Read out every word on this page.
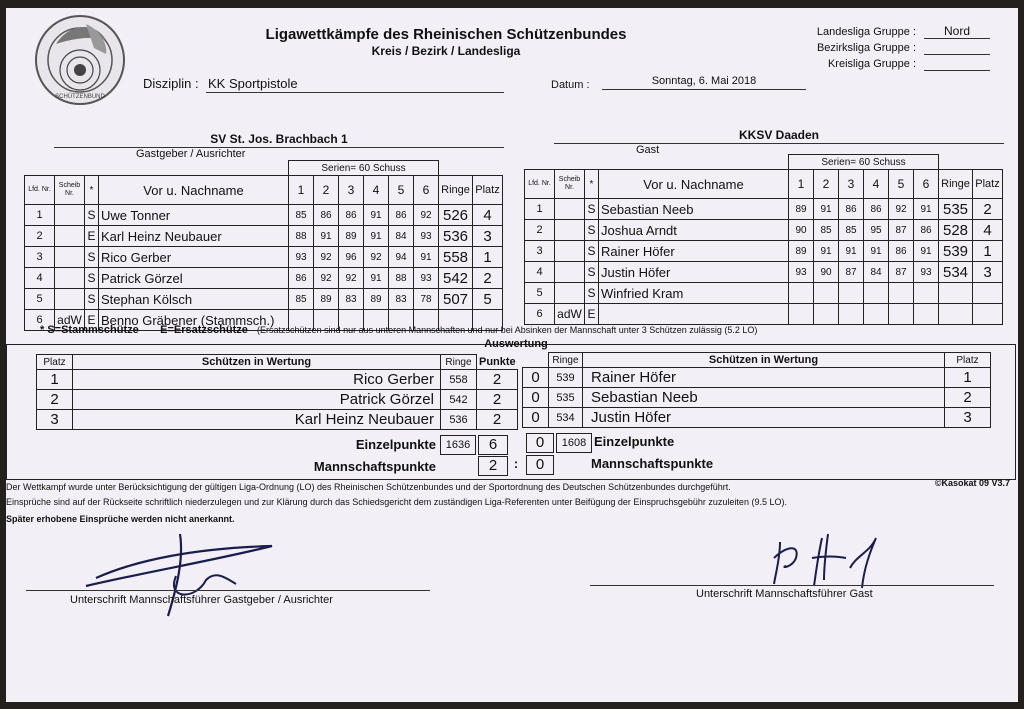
SCHÜTZENBUND
Ligawettkämpfe des Rheinischen Schützenbundes
Kreis / Bezirk / Landesliga
Disziplin : KK Sportpistole	Datum :	Sonntag, 6. Mai 2018
Landesliga Gruppe :	Nord
Bezirksliga Gruppe :
Kreisliga Gruppe :
SV St. Jos. Brachbach 1
Gastgeber / Ausrichter
KKSV Daaden
Gast
				Serien= 60 Schuss							
Lfd. Nr.	Scheib Nr.	*	Vor u. Nachname	1	2	3	4	5	6	Ringe	Platz
1		S	Uwe Tonner	85	86	86	91	86	92	526	4
2		E	Karl Heinz Neubauer	88	91	89	91	84	93	536	3
3		S	Rico Gerber	93	92	96	92	94	91	558	1
4		S	Patrick Görzel	86	92	92	91	88	93	542	2
5		S	Stephan Kölsch	85	89	83	89	83	78	507	5
6	adW	E	Benno Gräbener (Stammsch.)								
				Serien= 60 Schuss							
Lfd. Nr.	Scheib Nr.	*	Vor u. Nachname	1	2	3	4	5	6	Ringe	Platz
1		S	Sebastian Neeb	89	91	86	86	92	91	535	2
2		S	Joshua Arndt	90	85	85	95	87	86	528	4
3		S	Rainer Höfer	89	91	91	91	86	91	539	1
4		S	Justin Höfer	93	90	87	84	87	93	534	3
5		S	Winfried Kram								
6	adW	E									
* S=Stammschütze E=Ersatzschütze (Ersatzschützen sind nur aus unteren Mannschaften und nur bei Absinken der Mannschaft unter 3 Schützen zulässig (5.2 LO)
Auswertung
Platz	Schützen in Wertung	Ringe	Punkte
1	Rico Gerber	558	2
2	Patrick Görzel	542	2
3	Karl Heinz Neubauer	536	2
	Ringe	Schützen in Wertung	Platz
0	539	Rainer Höfer	1
0	535	Sebastian Neeb	2
0	534	Justin Höfer	3
Einzelpunkte 1636	6	0	1608 Einzelpunkte
Mannschaftspunkte	2	:	0	Mannschaftspunkte
Der Wettkampf wurde unter Berücksichtigung der gültigen Liga-Ordnung (LO) des Rheinischen Schützenbundes und der Sportordnung des Deutschen Schützenbundes durchgeführt.	©Kasokat 09 V3.7
Einsprüche sind auf der Rückseite schriftlich niederzulegen und zur Klärung durch das Schiedsgericht dem zuständigen Liga-Referenten unter Beifügung der Einspruchsgebühr zuzuleiten (9.5 LO).
Später erhobene Einsprüche werden nicht anerkannt.
Unterschrift Mannschaftsführer Gastgeber / Ausrichter	Unterschrift Mannschaftsführer Gast
